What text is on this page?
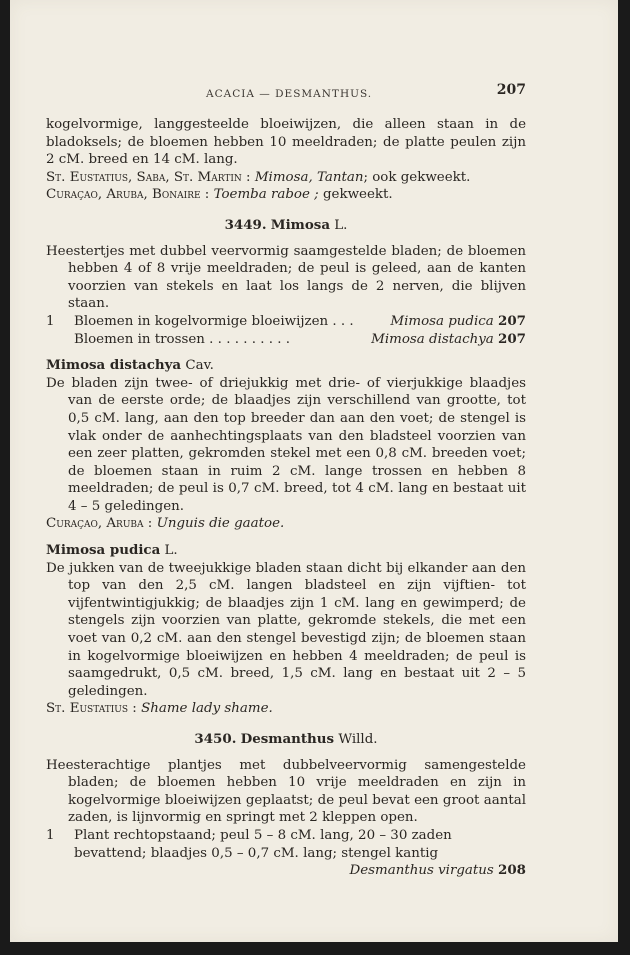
ACACIA — DESMANTHUS.	207

kogelvormige, langgesteelde bloeiwijzen, die alleen staan in de bladoksels; de bloemen hebben 10 meeldraden; de platte peulen zijn 2 cM. breed en 14 cM. lang.

St. Eustatius, Saba, St. Martin : Mimosa, Tantan; ook gekweekt.

Curaçao, Aruba, Bonaire : Toemba raboe ; gekweekt.

3449. Mimosa L.

Heestertjes met dubbel veervormig saamgestelde bladen; de bloemen hebben 4 of 8 vrije meeldraden; de peul is geleed, aan de kanten voorzien van stekels en laat los langs de 2 nerven, die blijven staan.

1	Bloemen in kogelvormige bloeiwijzen . . .	Mimosa pudica 207
Bloemen in trossen . . . . . . . . . .	Mimosa distachya 207

Mimosa distachya Cav.

De bladen zijn twee- of driejukkig met drie- of vierjukkige blaadjes van de eerste orde; de blaadjes zijn verschillend van grootte, tot 0,5 cM. lang, aan den top breeder dan aan den voet; de stengel is vlak onder de aanhechtingsplaats van den bladsteel voorzien van een zeer platten, gekromden stekel met een 0,8 cM. breeden voet; de bloemen staan in ruim 2 cM. lange trossen en hebben 8 meeldraden; de peul is 0,7 cM. breed, tot 4 cM. lang en bestaat uit 4 – 5 geledingen.

Curaçao, Aruba : Unguis die gaatoe.

Mimosa pudica L.

De jukken van de tweejukkige bladen staan dicht bij elkander aan den top van den 2,5 cM. langen bladsteel en zijn vijftien- tot vijfentwintigjukkig; de blaadjes zijn 1 cM. lang en gewimperd; de stengels zijn voorzien van platte, gekromde stekels, die met een voet van 0,2 cM. aan den stengel bevestigd zijn; de bloemen staan in kogelvormige bloeiwijzen en hebben 4 meeldraden; de peul is saamgedrukt, 0,5 cM. breed, 1,5 cM. lang en bestaat uit 2 – 5 geledingen.

St. Eustatius : Shame lady shame.

3450. Desmanthus Willd.

Heesterachtige plantjes met dubbelveervormig samengestelde bladen; de bloemen hebben 10 vrije meeldraden en zijn in kogelvormige bloeiwijzen geplaatst; de peul bevat een groot aantal zaden, is lijnvormig en springt met 2 kleppen open.

1	Plant rechtopstaand; peul 5 – 8 cM. lang, 20 – 30 zaden bevattend; blaadjes 0,5 – 0,7 cM. lang; stengel kantig
Desmanthus virgatus 208
